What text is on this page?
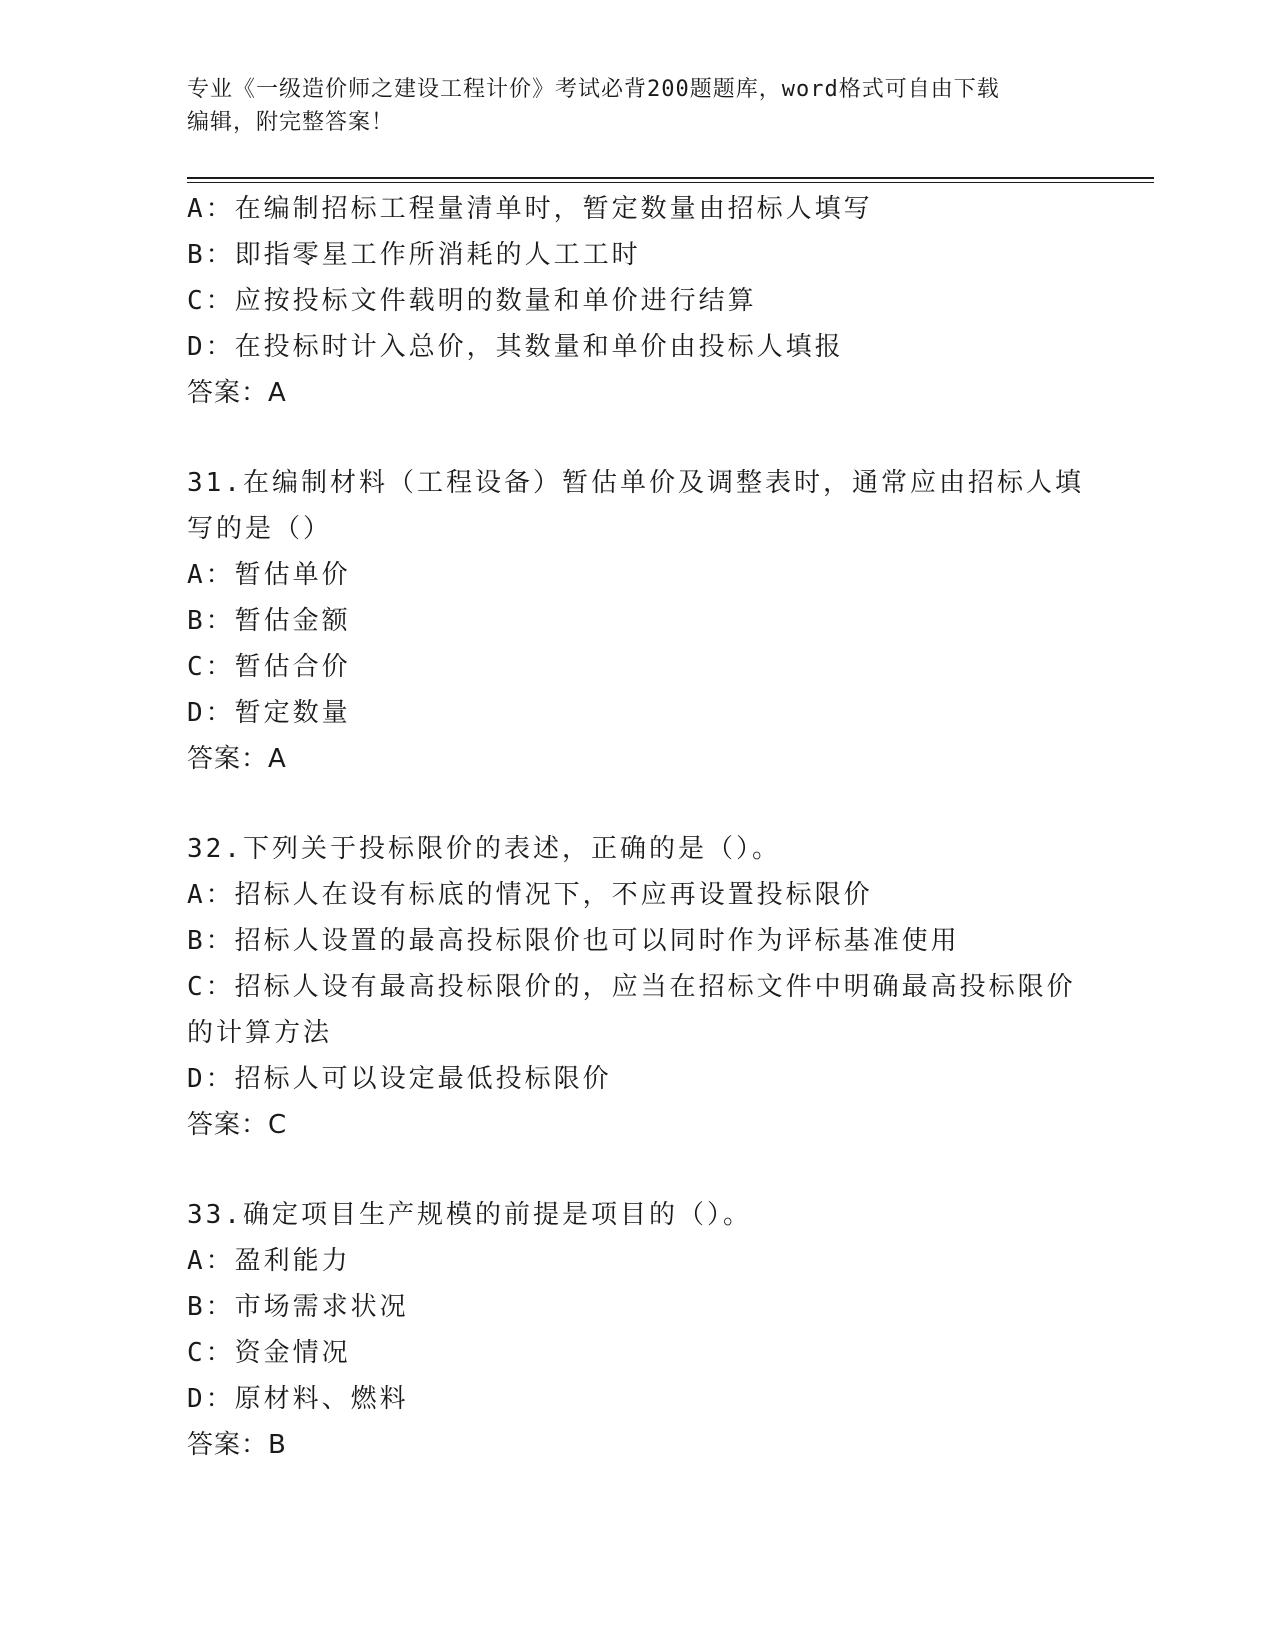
专业《一级造价师之建设工程计价》考试必背200题题库，word格式可自由下载
编辑，附完整答案！
A：在编制招标工程量清单时，暂定数量由招标人填写
B：即指零星工作所消耗的人工工时
C：应按投标文件载明的数量和单价进行结算
D：在投标时计入总价，其数量和单价由投标人填报
答案：A
31.在编制材料（工程设备）暂估单价及调整表时，通常应由招标人填
写的是（）
A：暂估单价
B：暂估金额
C：暂估合价
D：暂定数量
答案：A
32.下列关于投标限价的表述，正确的是（）。
A：招标人在设有标底的情况下，不应再设置投标限价
B：招标人设置的最高投标限价也可以同时作为评标基准使用
C：招标人设有最高投标限价的，应当在招标文件中明确最高投标限价
的计算方法
D：招标人可以设定最低投标限价
答案：C
33.确定项目生产规模的前提是项目的（）。
A：盈利能力
B：市场需求状况
C：资金情况
D：原材料、燃料
答案：B
